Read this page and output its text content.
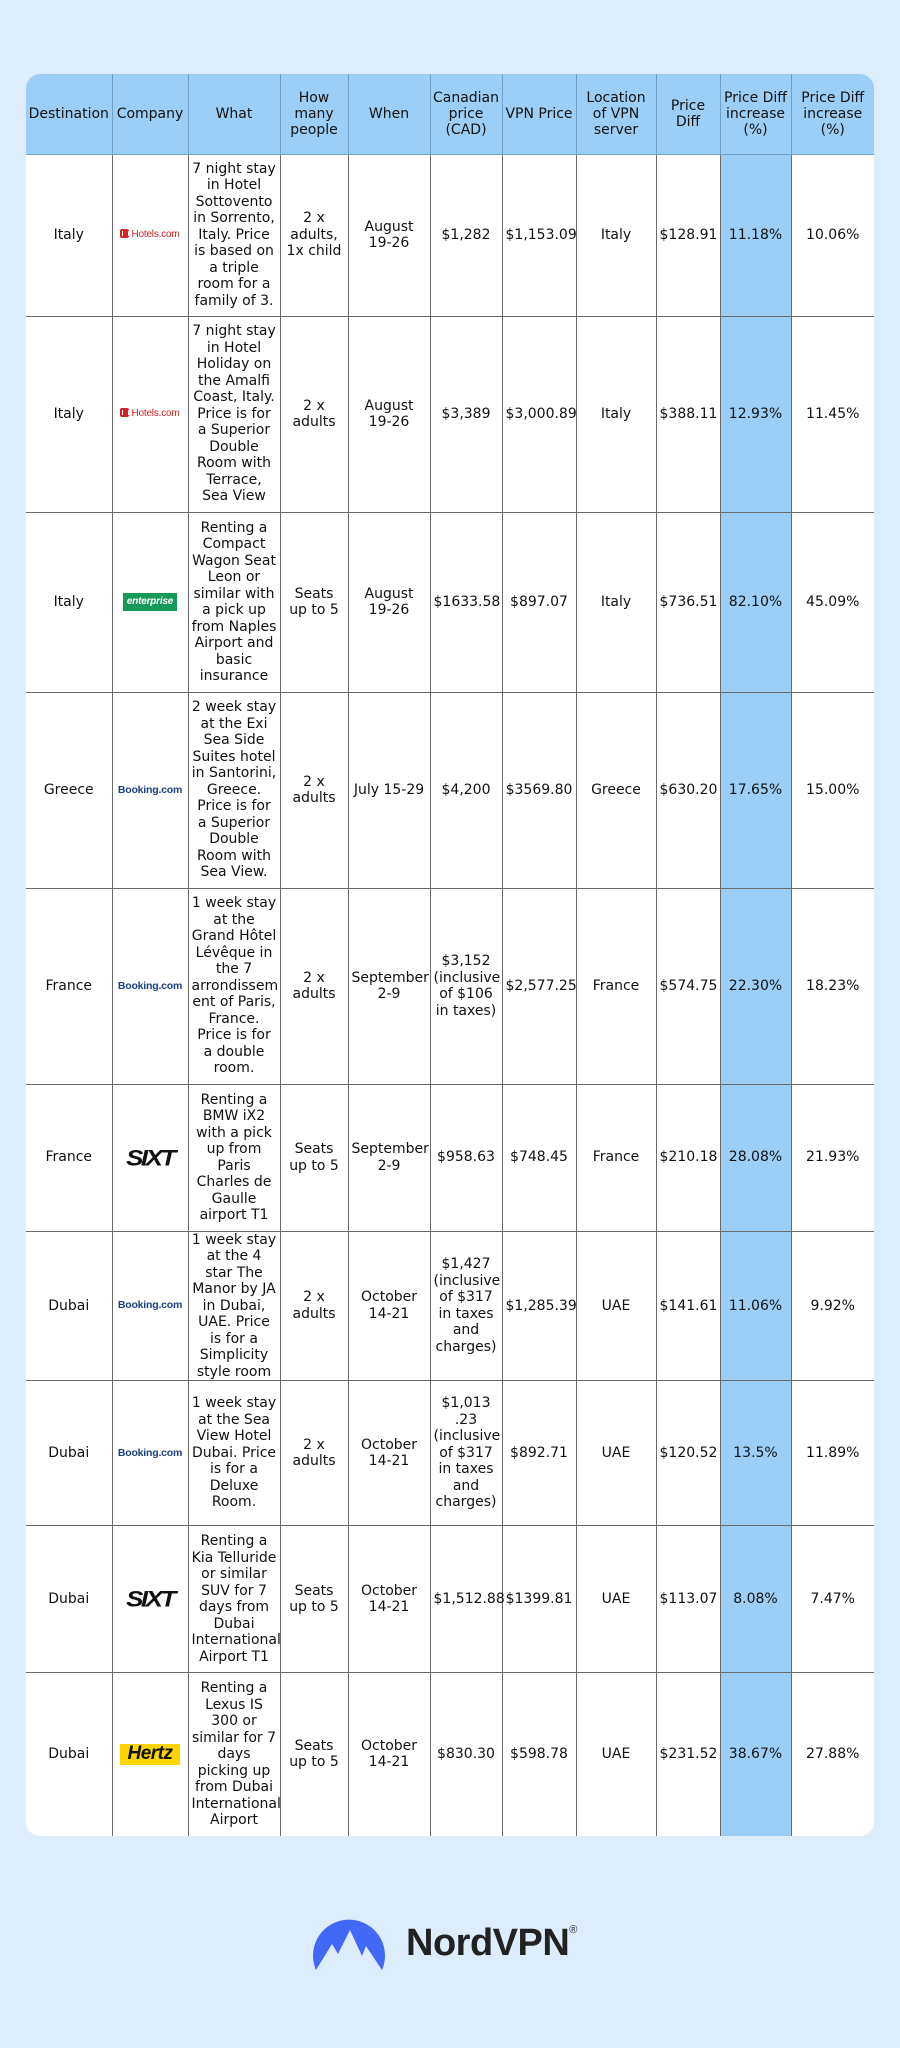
Destination	Company	What	How many people	When	Canadian price (CAD)	VPN Price	Location of VPN server	Price Diff	Price Diff increase (%)	Price Diff increase (%)
Italy	Hotels.com	7 night stay in Hotel Sottovento in Sorrento, Italy. Price is based on a triple room for a family of 3.	2 x adults, 1x child	August 19-26	$1,282	$1,153.09	Italy	$128.91	11.18%	10.06%
Italy	Hotels.com	7 night stay in Hotel Holiday on the Amalfi Coast, Italy. Price is for a Superior Double Room with Terrace, Sea View	2 x adults	August 19-26	$3,389	$3,000.89	Italy	$388.11	12.93%	11.45%
Italy	enterprise	Renting a Compact Wagon Seat Leon or similar with a pick up from Naples Airport and basic insurance	Seats up to 5	August 19-26	$1633.58	$897.07	Italy	$736.51	82.10%	45.09%
Greece	Booking.com	2 week stay at the Exi Sea Side Suites hotel in Santorini, Greece. Price is for a Superior Double Room with Sea View.	2 x adults	July 15-29	$4,200	$3569.80	Greece	$630.20	17.65%	15.00%
France	Booking.com	1 week stay at the Grand Hôtel Lévêque in the 7 arrondissem ent of Paris, France. Price is for a double room.	2 x adults	September 2-9	$3,152 (inclusive of $106 in taxes)	$2,577.25	France	$574.75	22.30%	18.23%
France	SIXT	Renting a BMW iX2 with a pick up from Paris Charles de Gaulle airport T1	Seats up to 5	September 2-9	$958.63	$748.45	France	$210.18	28.08%	21.93%
Dubai	Booking.com	1 week stay at the 4 star The Manor by JA in Dubai, UAE. Price is for a Simplicity style room	2 x adults	October 14-21	$1,427 (inclusive of $317 in taxes and charges)	$1,285.39	UAE	$141.61	11.06%	9.92%
Dubai	Booking.com	1 week stay at the Sea View Hotel Dubai. Price is for a Deluxe Room.	2 x adults	October 14-21	$1,013 .23 (inclusive of $317 in taxes and charges)	$892.71	UAE	$120.52	13.5%	11.89%
Dubai	SIXT	Renting a Kia Telluride or similar SUV for 7 days from Dubai International Airport T1	Seats up to 5	October 14-21	$1,512.88	$1399.81	UAE	$113.07	8.08%	7.47%
Dubai	Hertz	Renting a Lexus IS 300 or similar for 7 days picking up from Dubai International Airport	Seats up to 5	October 14-21	$830.30	$598.78	UAE	$231.52	38.67%	27.88%
NordVPN®
